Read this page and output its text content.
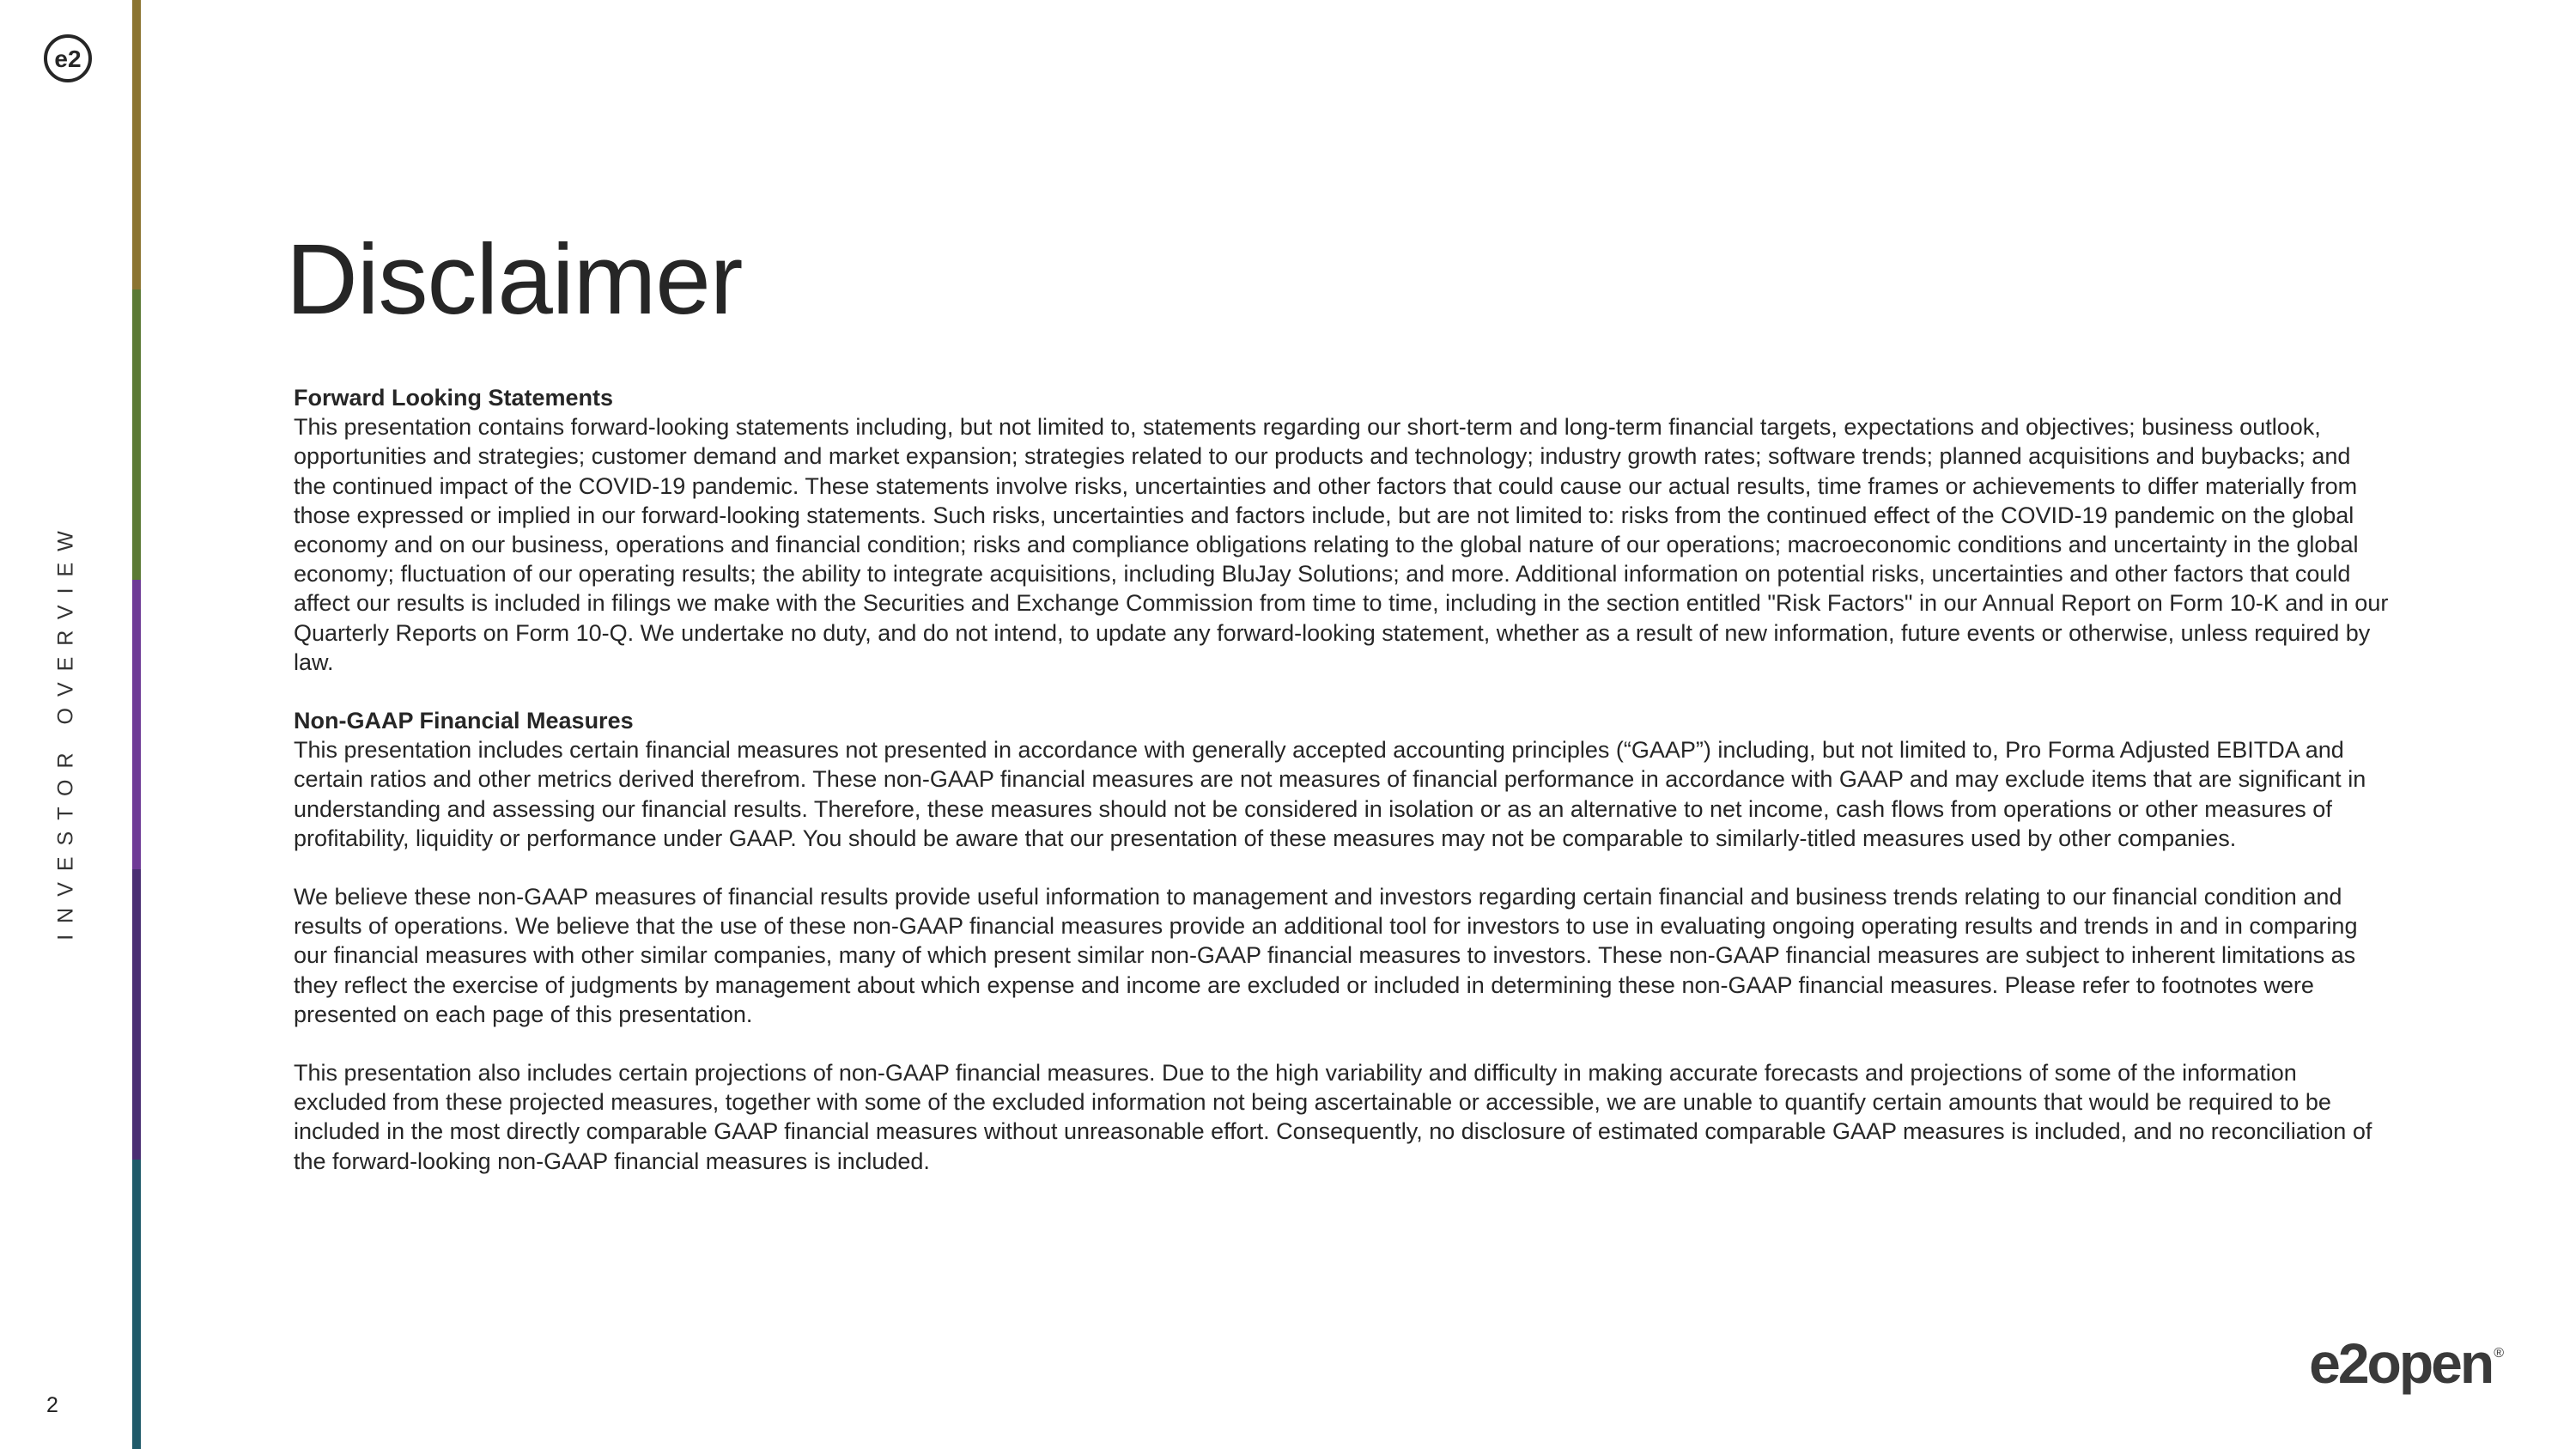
e2
INVESTOR OVERVIEW
2
Disclaimer
Forward Looking Statements

This presentation contains forward-looking statements including, but not limited to, statements regarding our short-term and long-term financial targets, expectations and objectives; business outlook, opportunities and strategies; customer demand and market expansion; strategies related to our products and technology; industry growth rates; software trends; planned acquisitions and buybacks; and the continued impact of the COVID-19 pandemic. These statements involve risks, uncertainties and other factors that could cause our actual results, time frames or achievements to differ materially from those expressed or implied in our forward-looking statements. Such risks, uncertainties and factors include, but are not limited to: risks from the continued effect of the COVID-19 pandemic on the global economy and on our business, operations and financial condition; risks and compliance obligations relating to the global nature of our operations; macroeconomic conditions and uncertainty in the global economy; fluctuation of our operating results; the ability to integrate acquisitions, including BluJay Solutions; and more. Additional information on potential risks, uncertainties and other factors that could affect our results is included in filings we make with the Securities and Exchange Commission from time to time, including in the section entitled "Risk Factors" in our Annual Report on Form 10-K and in our Quarterly Reports on Form 10-Q. We undertake no duty, and do not intend, to update any forward-looking statement, whether as a result of new information, future events or otherwise, unless required by law.

Non-GAAP Financial Measures

This presentation includes certain financial measures not presented in accordance with generally accepted accounting principles (“GAAP”) including, but not limited to, Pro Forma Adjusted EBITDA and certain ratios and other metrics derived therefrom. These non-GAAP financial measures are not measures of financial performance in accordance with GAAP and may exclude items that are significant in understanding and assessing our financial results. Therefore, these measures should not be considered in isolation or as an alternative to net income, cash flows from operations or other measures of profitability, liquidity or performance under GAAP. You should be aware that our presentation of these measures may not be comparable to similarly-titled measures used by other companies.

We believe these non-GAAP measures of financial results provide useful information to management and investors regarding certain financial and business trends relating to our financial condition and results of operations. We believe that the use of these non-GAAP financial measures provide an additional tool for investors to use in evaluating ongoing operating results and trends in and in comparing our financial measures with other similar companies, many of which present similar non-GAAP financial measures to investors. These non-GAAP financial measures are subject to inherent limitations as they reflect the exercise of judgments by management about which expense and income are excluded or included in determining these non-GAAP financial measures. Please refer to footnotes were presented on each page of this presentation.

This presentation also includes certain projections of non-GAAP financial measures. Due to the high variability and difficulty in making accurate forecasts and projections of some of the information excluded from these projected measures, together with some of the excluded information not being ascertainable or accessible, we are unable to quantify certain amounts that would be required to be included in the most directly comparable GAAP financial measures without unreasonable effort. Consequently, no disclosure of estimated comparable GAAP measures is included, and no reconciliation of the forward-looking non-GAAP financial measures is included.

e2open ®
